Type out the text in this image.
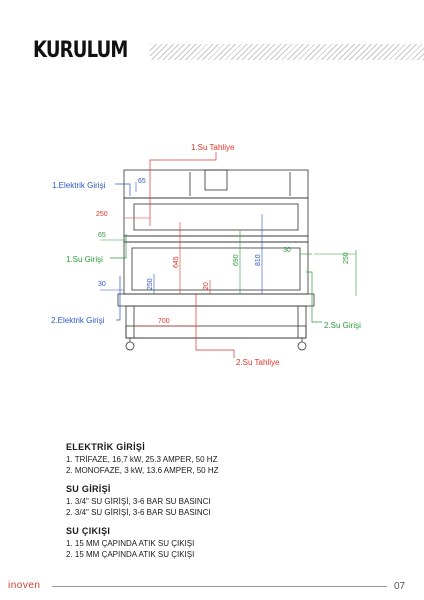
KURULUM
1.Su Tahliye
1.Elektrik Girişi
1.Su Girişi
2.Elektrik Girişi
2.Su Girişi
2.Su Tahliye
65
250
65
645	690 810
30
250
30	250	20
700
ELEKTRİK GİRİŞİ
1. TRİFAZE, 16,7 kW, 25.3 AMPER, 50 HZ
2. MONOFAZE, 3 kW, 13.6 AMPER, 50 HZ
SU GİRİŞİ
1. 3/4" SU GİRİŞİ, 3-6 BAR SU BASINCI
2. 3/4" SU GİRİŞİ, 3-6 BAR SU BASINCI
SU ÇIKIŞI
1. 15 MM ÇAPINDA ATIK SU ÇIKIŞI
2. 15 MM ÇAPINDA ATIK SU ÇIKIŞI
inoven	07
